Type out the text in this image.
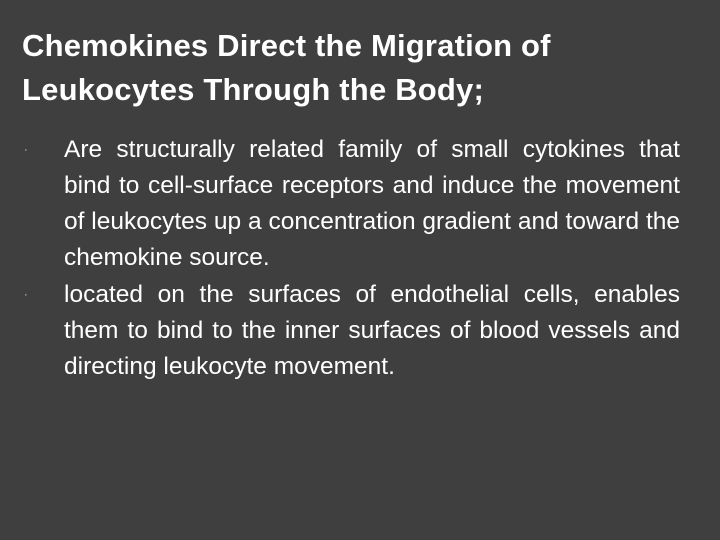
Chemokines Direct the Migration of Leukocytes Through the Body;
·	Are structurally related family of small cytokines that bind to cell-surface receptors and induce the movement of leukocytes up a concentration gradient and toward the chemokine source.
·	located on the surfaces of endothelial cells, enables them to bind to the inner surfaces of blood vessels and directing leukocyte movement.
